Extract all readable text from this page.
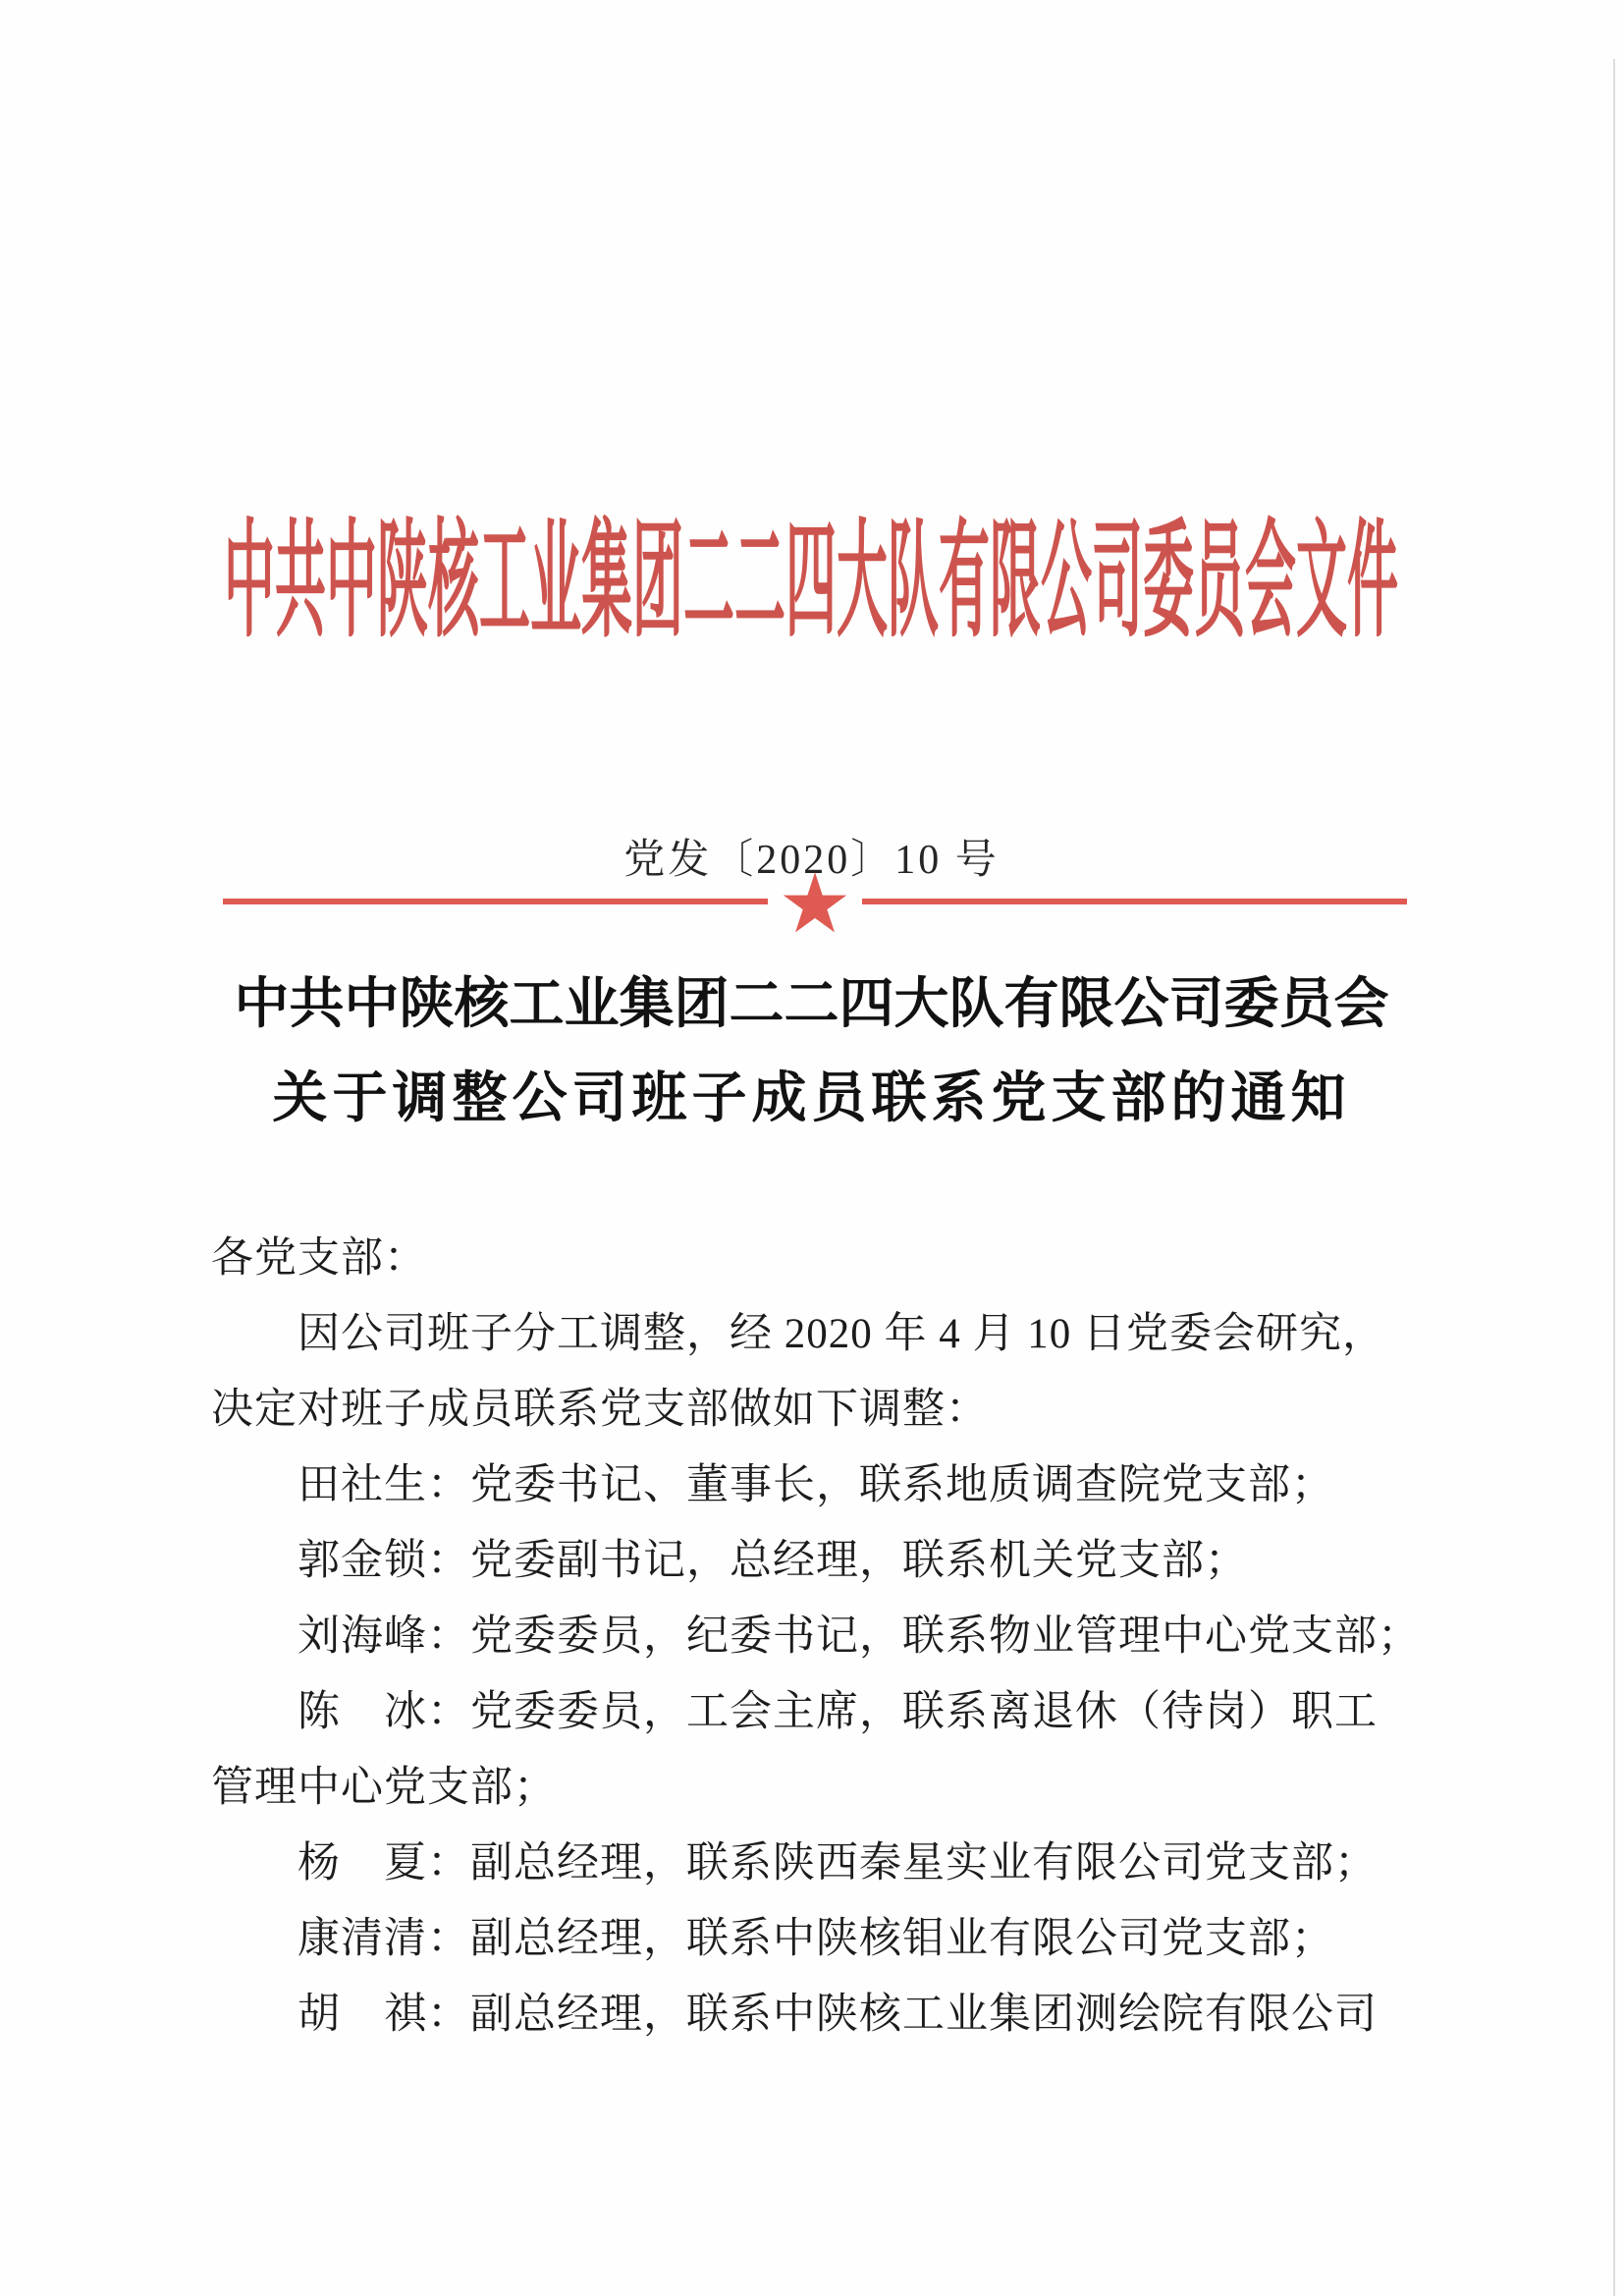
中共中陕核工业集团二二四大队有限公司委员会文件
党发〔2020〕10 号
★
中共中陕核工业集团二二四大队有限公司委员会
关于调整公司班子成员联系党支部的通知
各党支部：
因公司班子分工调整，经 2020 年 4 月 10 日党委会研究，
决定对班子成员联系党支部做如下调整：
田社生：党委书记、董事长，联系地质调查院党支部；
郭金锁：党委副书记，总经理，联系机关党支部；
刘海峰：党委委员，纪委书记，联系物业管理中心党支部；
陈　冰：党委委员，工会主席，联系离退休（待岗）职工
管理中心党支部；
杨　夏：副总经理，联系陕西秦星实业有限公司党支部；
康清清：副总经理，联系中陕核钼业有限公司党支部；
胡　祺：副总经理，联系中陕核工业集团测绘院有限公司
